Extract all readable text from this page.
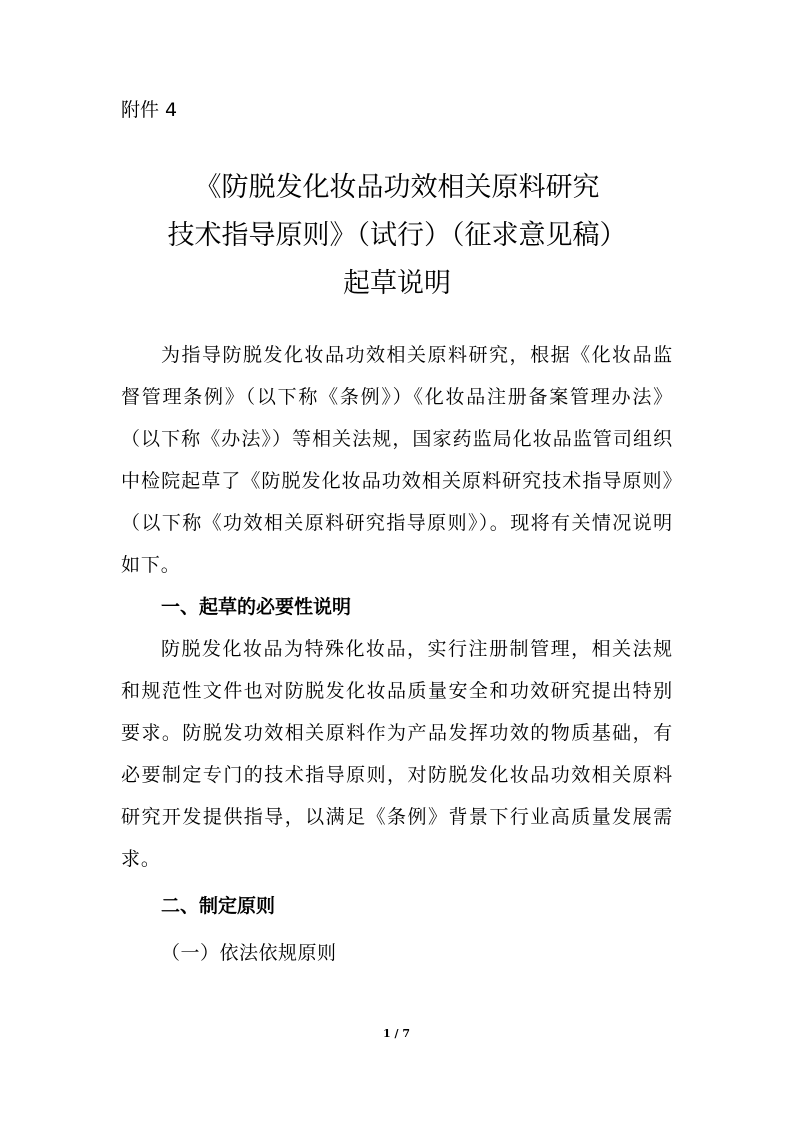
附件 4
《防脱发化妆品功效相关原料研究
技术指导原则》（试行）（征求意见稿）
起草说明

为指导防脱发化妆品功效相关原料研究，根据《化妆品监督管理条例》（以下称《条例》）《化妆品注册备案管理办法》（以下称《办法》）等相关法规，国家药监局化妆品监管司组织中检院起草了《防脱发化妆品功效相关原料研究技术指导原则》（以下称《功效相关原料研究指导原则》）。现将有关情况说明如下。

一、起草的必要性说明

防脱发化妆品为特殊化妆品，实行注册制管理，相关法规和规范性文件也对防脱发化妆品质量安全和功效研究提出特别要求。防脱发功效相关原料作为产品发挥功效的物质基础，有必要制定专门的技术指导原则，对防脱发化妆品功效相关原料研究开发提供指导，以满足《条例》背景下行业高质量发展需求。

二、制定原则

（一）依法依规原则

1 / 7
